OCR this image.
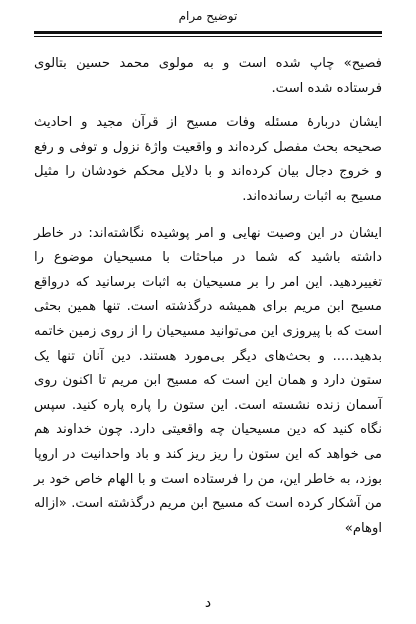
توضیح مرام

فصیح» چاپ شده است و به مولوی محمد حسین بتالوی فرستاده شده است.

ایشان دربارهٔ مسئله وفات مسیح از قرآن مجید و احادیث صحیحه بحث مفصل کرده‌اند و واقعیت واژهٔ نزول و توفی و رفع و خروج دجال بیان کرده‌اند و با دلایل محکم خودشان را مثیل مسیح به اثبات رسانده‌اند.

ایشان در این وصیت نهایی و امر پوشیده نگاشته‌اند: در خاطر داشته باشید که شما در مباحثات با مسیحیان موضوع را تغییردهید. این امر را بر مسیحیان به اثبات برسانید که درواقع مسیح ابن مریم برای همیشه درگذشته است. تنها همین بحثی است که با پیروزی این می‌توانید مسیحیان را از روی زمین خاتمه بدهید..... و بحث‌های دیگر بی‌مورد هستند. دین آنان تنها یک ستون دارد و همان این است که مسیح ابن مریم تا اکنون روی آسمان زنده نشسته است. این ستون را پاره پاره کنید. سپس نگاه کنید که دین مسیحیان چه واقعیتی دارد. چون خداوند هم می خواهد که این ستون را ریز ریز کند و باد واحدانیت در اروپا بوزد، به خاطر این، من را فرستاده است و با الهام خاص خود بر من آشکار کرده است که مسیح ابن مریم درگذشته است. «ازاله اوهام»

د
